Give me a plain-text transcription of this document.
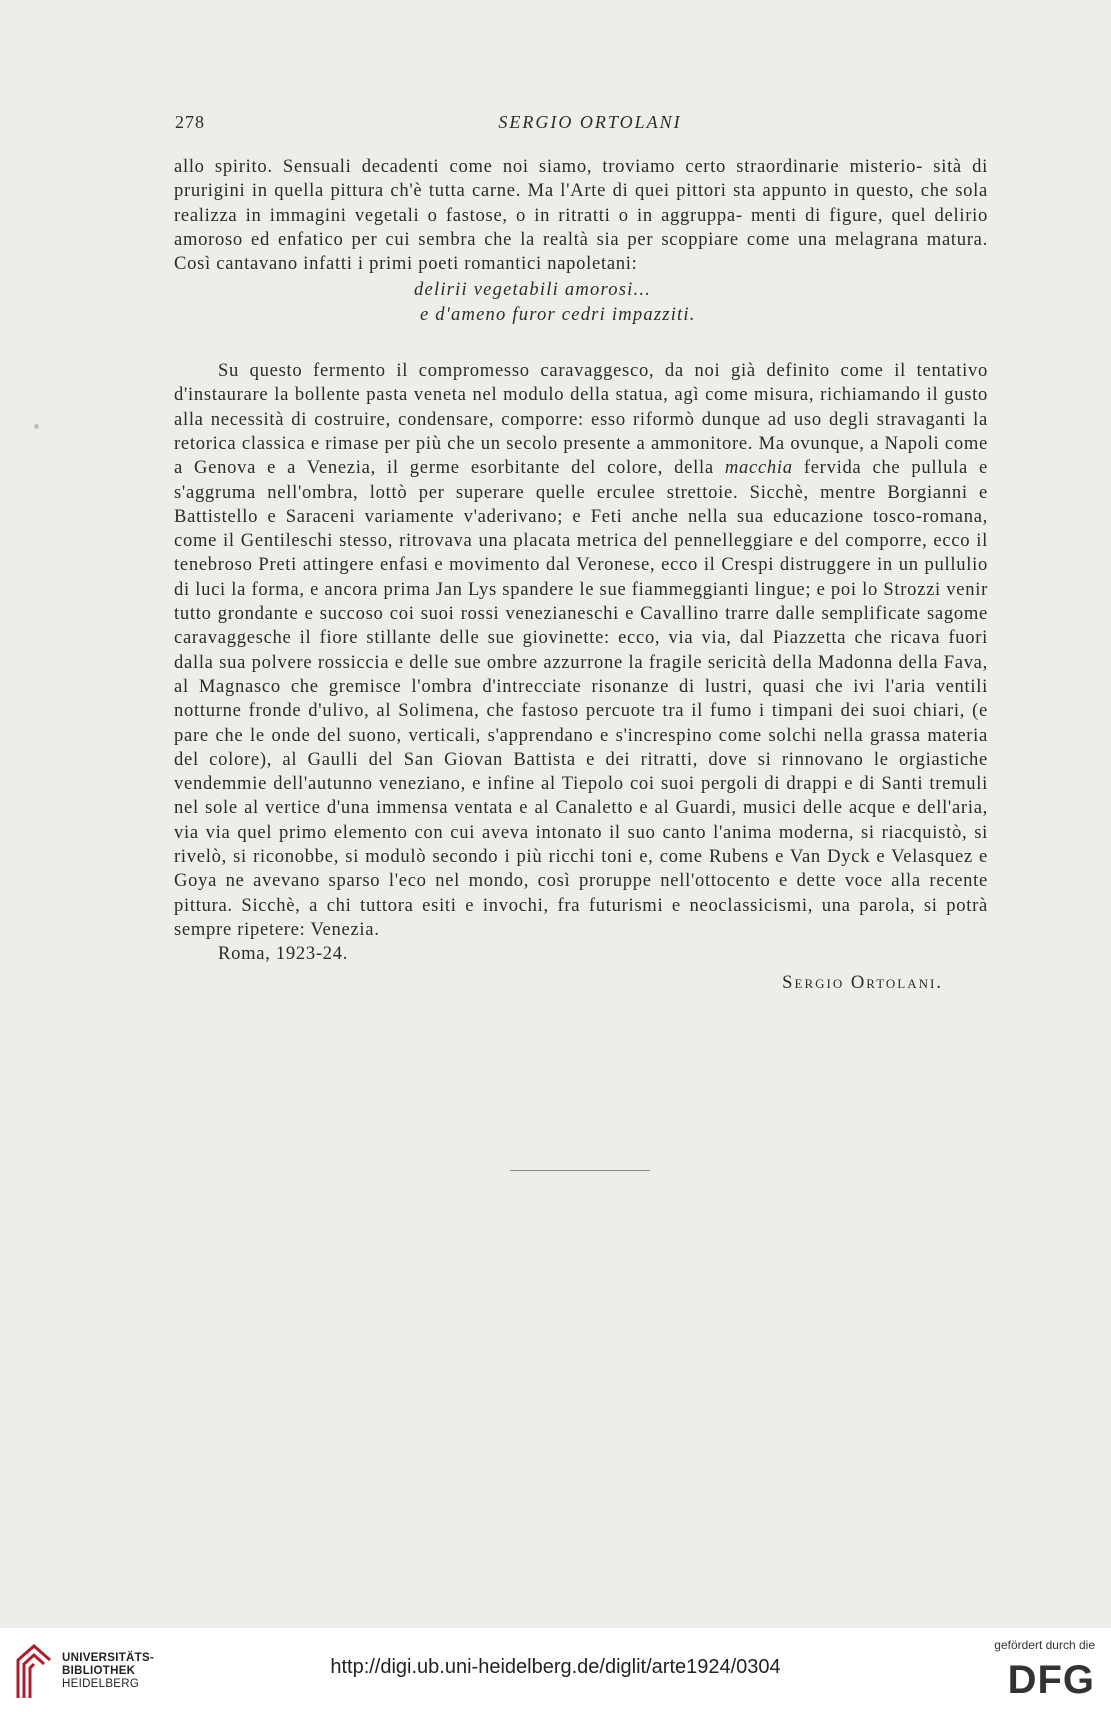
278	SERGIO ORTOLANI

allo spirito. Sensuali decadenti come noi siamo, troviamo certo straordinarie misterio- sità di prurigini in quella pittura ch'è tutta carne. Ma l'Arte di quei pittori sta appunto in questo, che sola realizza in immagini vegetali o fastose, o in ritratti o in aggruppa- menti di figure, quel delirio amoroso ed enfatico per cui sembra che la realtà sia per scoppiare come una melagrana matura. Così cantavano infatti i primi poeti romantici napoletani:

delirii vegetabili amorosi...
e d'ameno furor cedri impazziti.

Su questo fermento il compromesso caravaggesco, da noi già definito come il tentativo d'instaurare la bollente pasta veneta nel modulo della statua, agì come misura, richiamando il gusto alla necessità di costruire, condensare, comporre: esso riformò dunque ad uso degli stravaganti la retorica classica e rimase per più che un secolo presente a ammonitore. Ma ovunque, a Napoli come a Genova e a Venezia, il germe esorbitante del colore, della macchia fervida che pullula e s'aggruma nell'ombra, lottò per superare quelle erculee strettoie. Sicchè, mentre Borgianni e Battistello e Saraceni variamente v'aderivano; e Feti anche nella sua educazione tosco-romana, come il Gentileschi stesso, ritrovava una placata metrica del pennelleggiare e del comporre, ecco il tenebroso Preti attingere enfasi e movimento dal Veronese, ecco il Crespi distruggere in un pullulio di luci la forma, e ancora prima Jan Lys spandere le sue fiammeggianti lingue; e poi lo Strozzi venir tutto grondante e succoso coi suoi rossi venezianeschi e Cavallino trarre dalle semplificate sagome caravaggesche il fiore stillante delle sue giovinette: ecco, via via, dal Piazzetta che ricava fuori dalla sua polvere rossiccia e delle sue ombre azzurrone la fragile sericità della Madonna della Fava, al Magnasco che gremisce l'ombra d'intrecciate risonanze di lustri, quasi che ivi l'aria ventili notturne fronde d'ulivo, al Solimena, che fastoso percuote tra il fumo i timpani dei suoi chiari, (e pare che le onde del suono, verticali, s'apprendano e s'increspino come solchi nella grassa materia del colore), al Gaulli del San Giovan Battista e dei ritratti, dove si rinnovano le orgiastiche vendemmie dell'autunno veneziano, e infine al Tiepolo coi suoi pergoli di drappi e di Santi tremuli nel sole al vertice d'una immensa ventata e al Canaletto e al Guardi, musici delle acque e dell'aria, via via quel primo elemento con cui aveva intonato il suo canto l'anima moderna, si riacquistò, si rivelò, si riconobbe, si modulò secondo i più ricchi toni e, come Rubens e Van Dyck e Velasquez e Goya ne avevano sparso l'eco nel mondo, così proruppe nell'ottocento e dette voce alla recente pittura. Sicchè, a chi tuttora esiti e invochi, fra futurismi e neoclassicismi, una parola, si potrà sempre ripetere: Venezia.

Roma, 1923-24.

Sergio Ortolani.
UNIVERSITÄTS-
BIBLIOTHEK
HEIDELBERG
http://digi.ub.uni-heidelberg.de/diglit/arte1924/0304
gefördert durch die
DFG
